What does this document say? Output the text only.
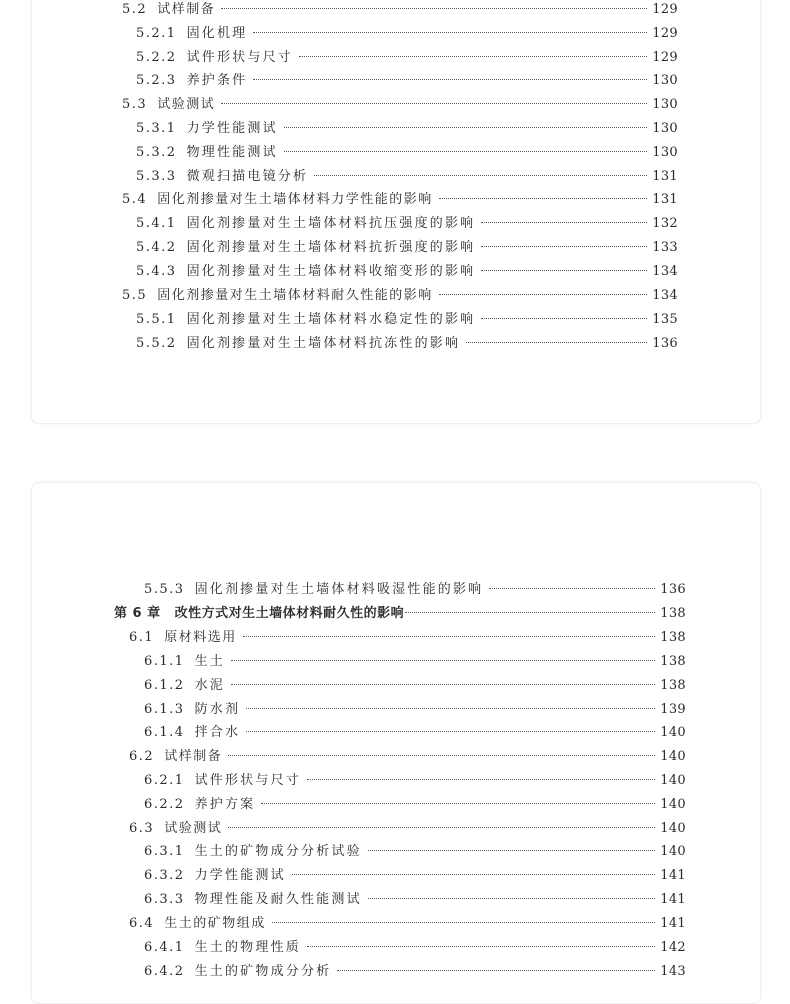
5.2 试样制备	129
5.2.1 固化机理	129
5.2.2 试件形状与尺寸	129
5.2.3 养护条件	130
5.3 试验测试	130
5.3.1 力学性能测试	130
5.3.2 物理性能测试	130
5.3.3 微观扫描电镜分析	131
5.4 固化剂掺量对生土墙体材料力学性能的影响	131
5.4.1 固化剂掺量对生土墙体材料抗压强度的影响	132
5.4.2 固化剂掺量对生土墙体材料抗折强度的影响	133
5.4.3 固化剂掺量对生土墙体材料收缩变形的影响	134
5.5 固化剂掺量对生土墙体材料耐久性能的影响	134
5.5.1 固化剂掺量对生土墙体材料水稳定性的影响	135
5.5.2 固化剂掺量对生土墙体材料抗冻性的影响	136
5.5.3 固化剂掺量对生土墙体材料吸湿性能的影响	136
第 6 章	改性方式对生土墙体材料耐久性的影响	138
6.1 原材料选用	138
6.1.1 生土	138
6.1.2 水泥	138
6.1.3 防水剂	139
6.1.4 拌合水	140
6.2 试样制备	140
6.2.1 试件形状与尺寸	140
6.2.2 养护方案	140
6.3 试验测试	140
6.3.1 生土的矿物成分分析试验	140
6.3.2 力学性能测试	141
6.3.3 物理性能及耐久性能测试	141
6.4 生土的矿物组成	141
6.4.1 生土的物理性质	142
6.4.2 生土的矿物成分分析	143
